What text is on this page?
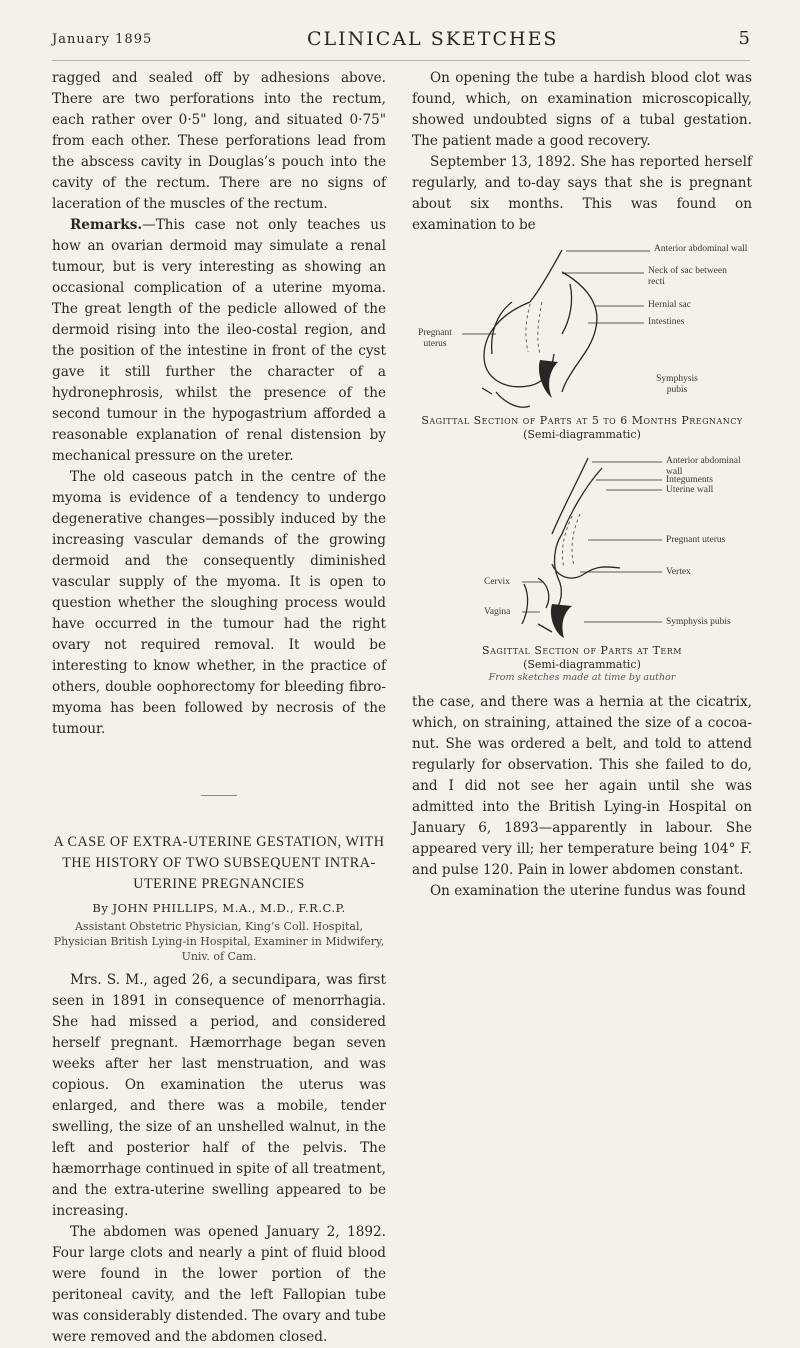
January 1895	CLINICAL SKETCHES	5

ragged and sealed off by adhesions above. There are two perforations into the rectum, each rather over 0·5" long, and situated 0·75" from each other. These perforations lead from the abscess cavity in Douglas’s pouch into the cavity of the rectum. There are no signs of laceration of the muscles of the rectum.

Remarks.—This case not only teaches us how an ovarian dermoid may simulate a renal tumour, but is very interesting as showing an occasional complication of a uterine myoma. The great length of the pedicle allowed of the dermoid rising into the ileo-costal region, and the position of the intestine in front of the cyst gave it still further the character of a hydronephrosis, whilst the presence of the second tumour in the hypogastrium afforded a reasonable explanation of renal distension by mechanical pressure on the ureter.

The old caseous patch in the centre of the myoma is evidence of a tendency to undergo degenerative changes—possibly induced by the increasing vascular demands of the growing dermoid and the consequently diminished vascular supply of the myoma. It is open to question whether the sloughing process would have occurred in the tumour had the right ovary not required removal. It would be interesting to know whether, in the practice of others, double oophorectomy for bleeding fibro-myoma has been followed by necrosis of the tumour.

A CASE OF EXTRA-UTERINE GESTATION, WITH THE HISTORY OF TWO SUBSEQUENT INTRA-UTERINE PREGNANCIES
By JOHN PHILLIPS, M.A., M.D., F.R.C.P.
Assistant Obstetric Physician, King’s Coll. Hospital, Physician British Lying-in Hospital, Examiner in Midwifery, Univ. of Cam.

Mrs. S. M., aged 26, a secundipara, was first seen in 1891 in consequence of menorrhagia. She had missed a period, and considered herself pregnant. Hæmorrhage began seven weeks after her last menstruation, and was copious. On examination the uterus was enlarged, and there was a mobile, tender swelling, the size of an unshelled walnut, in the left and posterior half of the pelvis. The hæmorrhage continued in spite of all treatment, and the extra-uterine swelling appeared to be increasing.

The abdomen was opened January 2, 1892. Four large clots and nearly a pint of fluid blood were found in the lower portion of the peritoneal cavity, and the left Fallopian tube was considerably distended. The ovary and tube were removed and the abdomen closed.

On opening the tube a hardish blood clot was found, which, on examination microscopically, showed undoubted signs of a tubal gestation. The patient made a good recovery.

September 13, 1892. She has reported herself regularly, and to-day says that she is pregnant about six months. This was found on examination to be

Anterior abdominal wall
Neck of sac between recti
Hernial sac
Intestines
Pregnant uterus
Symphysis pubis
Sagittal Section of Parts at 5 to 6 Months Pregnancy
(Semi-diagrammatic)
Anterior abdominal wall
Integuments
Uterine wall
Pregnant uterus
Vertex
Cervix
Vagina
Symphysis pubis
Sagittal Section of Parts at Term
(Semi-diagrammatic)
From sketches made at time by author

the case, and there was a hernia at the cicatrix, which, on straining, attained the size of a cocoa-nut. She was ordered a belt, and told to attend regularly for observation. This she failed to do, and I did not see her again until she was admitted into the British Lying-in Hospital on January 6, 1893—apparently in labour. She appeared very ill; her temperature being 104° F. and pulse 120. Pain in lower abdomen constant.

On examination the uterine fundus was found
